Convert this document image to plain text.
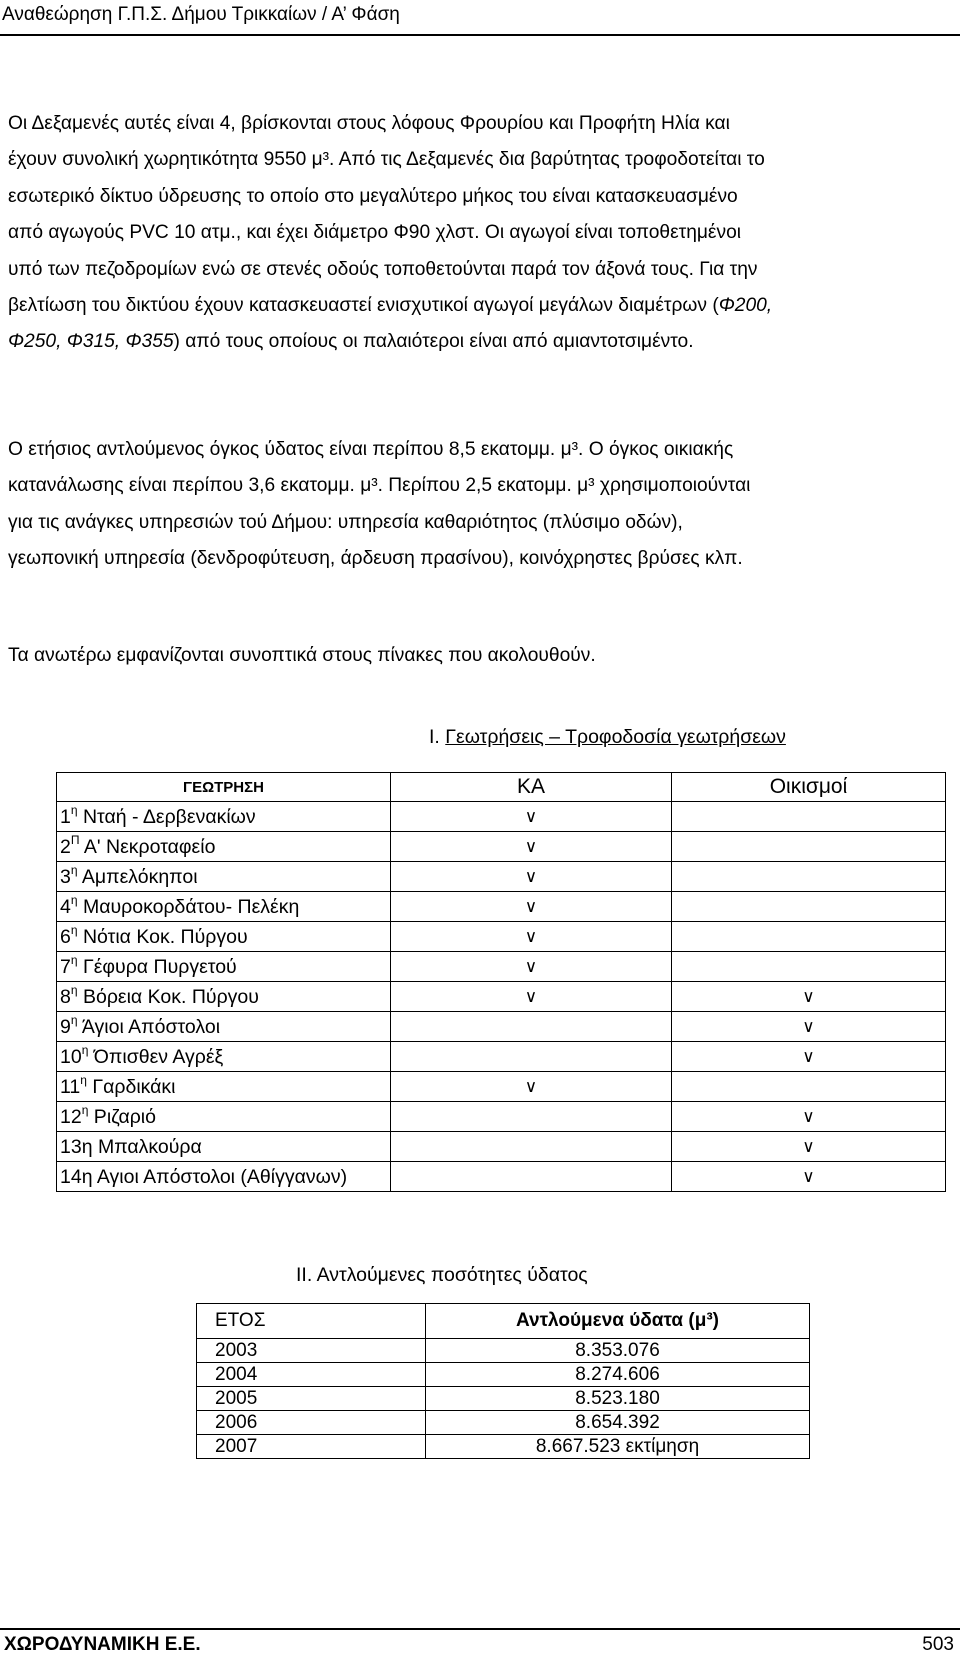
Αναθεώρηση Γ.Π.Σ. Δήμου Τρικκαίων / Α’ Φάση

Οι Δεξαμενές αυτές είναι 4, βρίσκονται στους λόφους Φρουρίου και Προφήτη Ηλία και
έχουν συνολική χωρητικότητα 9550 μ³. Από τις Δεξαμενές δια βαρύτητας τροφοδοτείται το
εσωτερικό δίκτυο ύδρευσης το οποίο στο μεγαλύτερο μήκος του είναι κατασκευασμένο
από αγωγούς PVC 10 ατμ., και έχει διάμετρο Φ90 χλστ. Οι αγωγοί είναι τοποθετημένοι
υπό των πεζοδρομίων ενώ σε στενές οδούς τοποθετούνται παρά τον άξονά τους. Για την
βελτίωση του δικτύου έχουν κατασκευαστεί ενισχυτικοί αγωγοί μεγάλων διαμέτρων (Φ200,
Φ250, Φ315, Φ355) από τους οποίους οι παλαιότεροι είναι από αμιαντοτσιμέντο.

Ο ετήσιος αντλούμενος όγκος ύδατος είναι περίπου 8,5 εκατομμ. μ³. Ο όγκος οικιακής
κατανάλωσης είναι περίπου 3,6 εκατομμ. μ³. Περίπου 2,5 εκατομμ. μ³ χρησιμοποιούνται
για τις ανάγκες υπηρεσιών τού Δήμου: υπηρεσία καθαριότητος (πλύσιμο οδών),
γεωπονική υπηρεσία (δενδροφύτευση, άρδευση πρασίνου), κοινόχρηστες βρύσες κλπ.

Τα ανωτέρω εμφανίζονται συνοπτικά στους πίνακες που ακολουθούν.

Ι. Γεωτρήσεις – Τροφοδοσία γεωτρήσεων
ΓΕΩΤΡΗΣΗ	ΚΑ	Οικισμοί
$1^\eta$ Νταή - Δερβενακίων	∨	
$2^\Pi$ Α' Νεκροταφείο	∨	
$3^\eta$ Αμπελόκηποι	∨	
$4^\eta$ Μαυροκορδάτου- Πελέκη	∨	
$6^\eta$ Νότια Κοκ. Πύργου	∨	
$7^\eta$ Γέφυρα Πυργετού	∨	
$8^\eta$ Βόρεια Κοκ. Πύργου	∨	∨
$9^\eta$ Άγιοι Απόστολοι		∨
$10^\eta$ Όπισθεν Αγρέξ		∨
$11^\eta$ Γαρδικάκι	∨	
$12^\eta$ Ριζαριό		∨
13η Μπαλκούρα		∨
14η Αγιοι Απόστολοι (Αθίγγανων)		∨
ΙΙ. Αντλούμενες ποσότητες ύδατος
ΕΤΟΣ	Αντλούμενα ύδατα (μ³)
2003	8.353.076
2004	8.274.606
2005	8.523.180
2006	8.654.392
2007	8.667.523 εκτίμηση
ΧΩΡΟΔΥΝΑΜΙΚΗ Ε.Ε.	503
